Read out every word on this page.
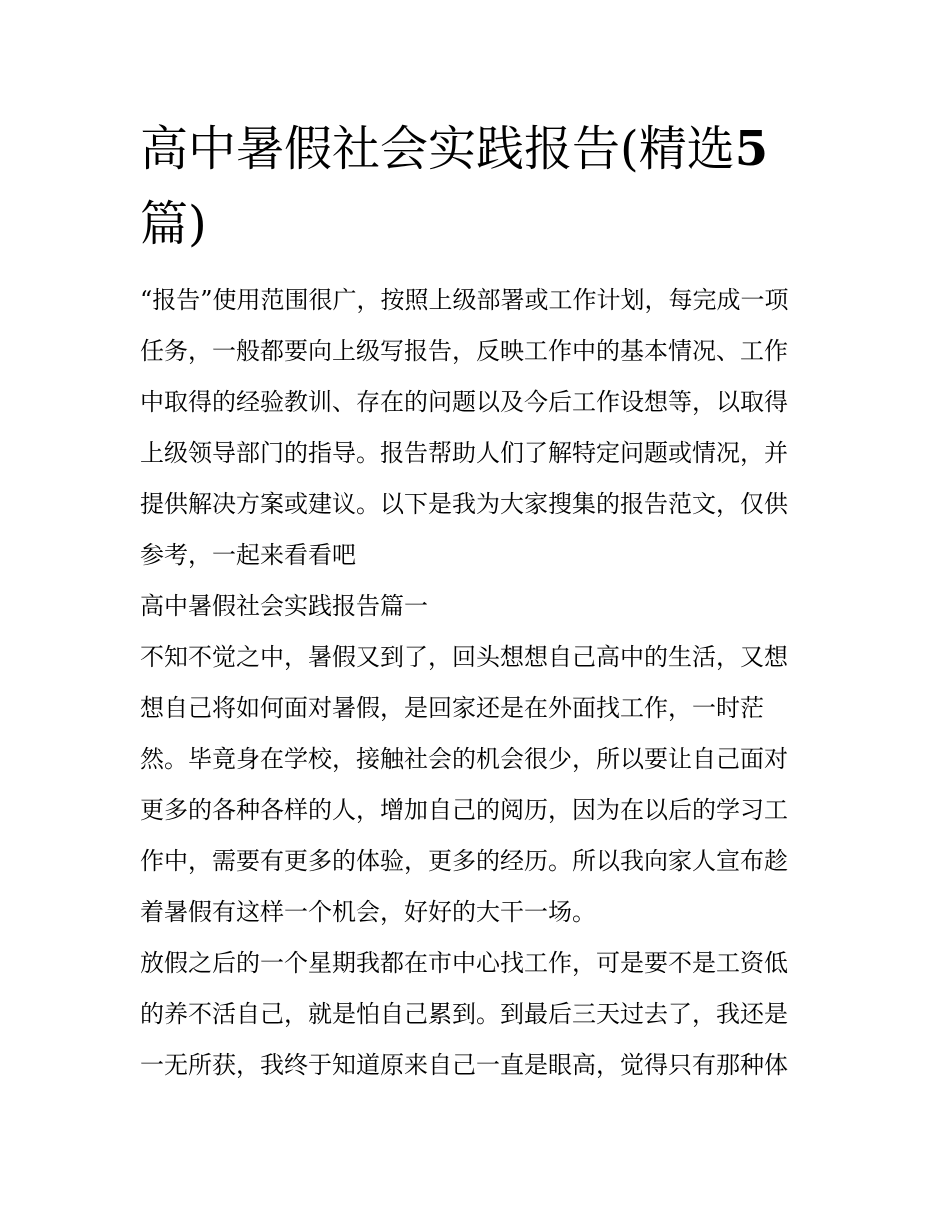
高中暑假社会实践报告(精选5
篇)
“报告”使用范围很广，按照上级部署或工作计划，每完成一项
任务，一般都要向上级写报告，反映工作中的基本情况、工作
中取得的经验教训、存在的问题以及今后工作设想等，以取得
上级领导部门的指导。报告帮助人们了解特定问题或情况，并
提供解决方案或建议。以下是我为大家搜集的报告范文，仅供
参考，一起来看看吧
高中暑假社会实践报告篇一
不知不觉之中，暑假又到了，回头想想自己高中的生活，又想
想自己将如何面对暑假，是回家还是在外面找工作，一时茫
然。毕竟身在学校，接触社会的机会很少，所以要让自己面对
更多的各种各样的人，增加自己的阅历，因为在以后的学习工
作中，需要有更多的体验，更多的经历。所以我向家人宣布趁
着暑假有这样一个机会，好好的大干一场。
放假之后的一个星期我都在市中心找工作，可是要不是工资低
的养不活自己，就是怕自己累到。到最后三天过去了，我还是
一无所获，我终于知道原来自己一直是眼高，觉得只有那种体
